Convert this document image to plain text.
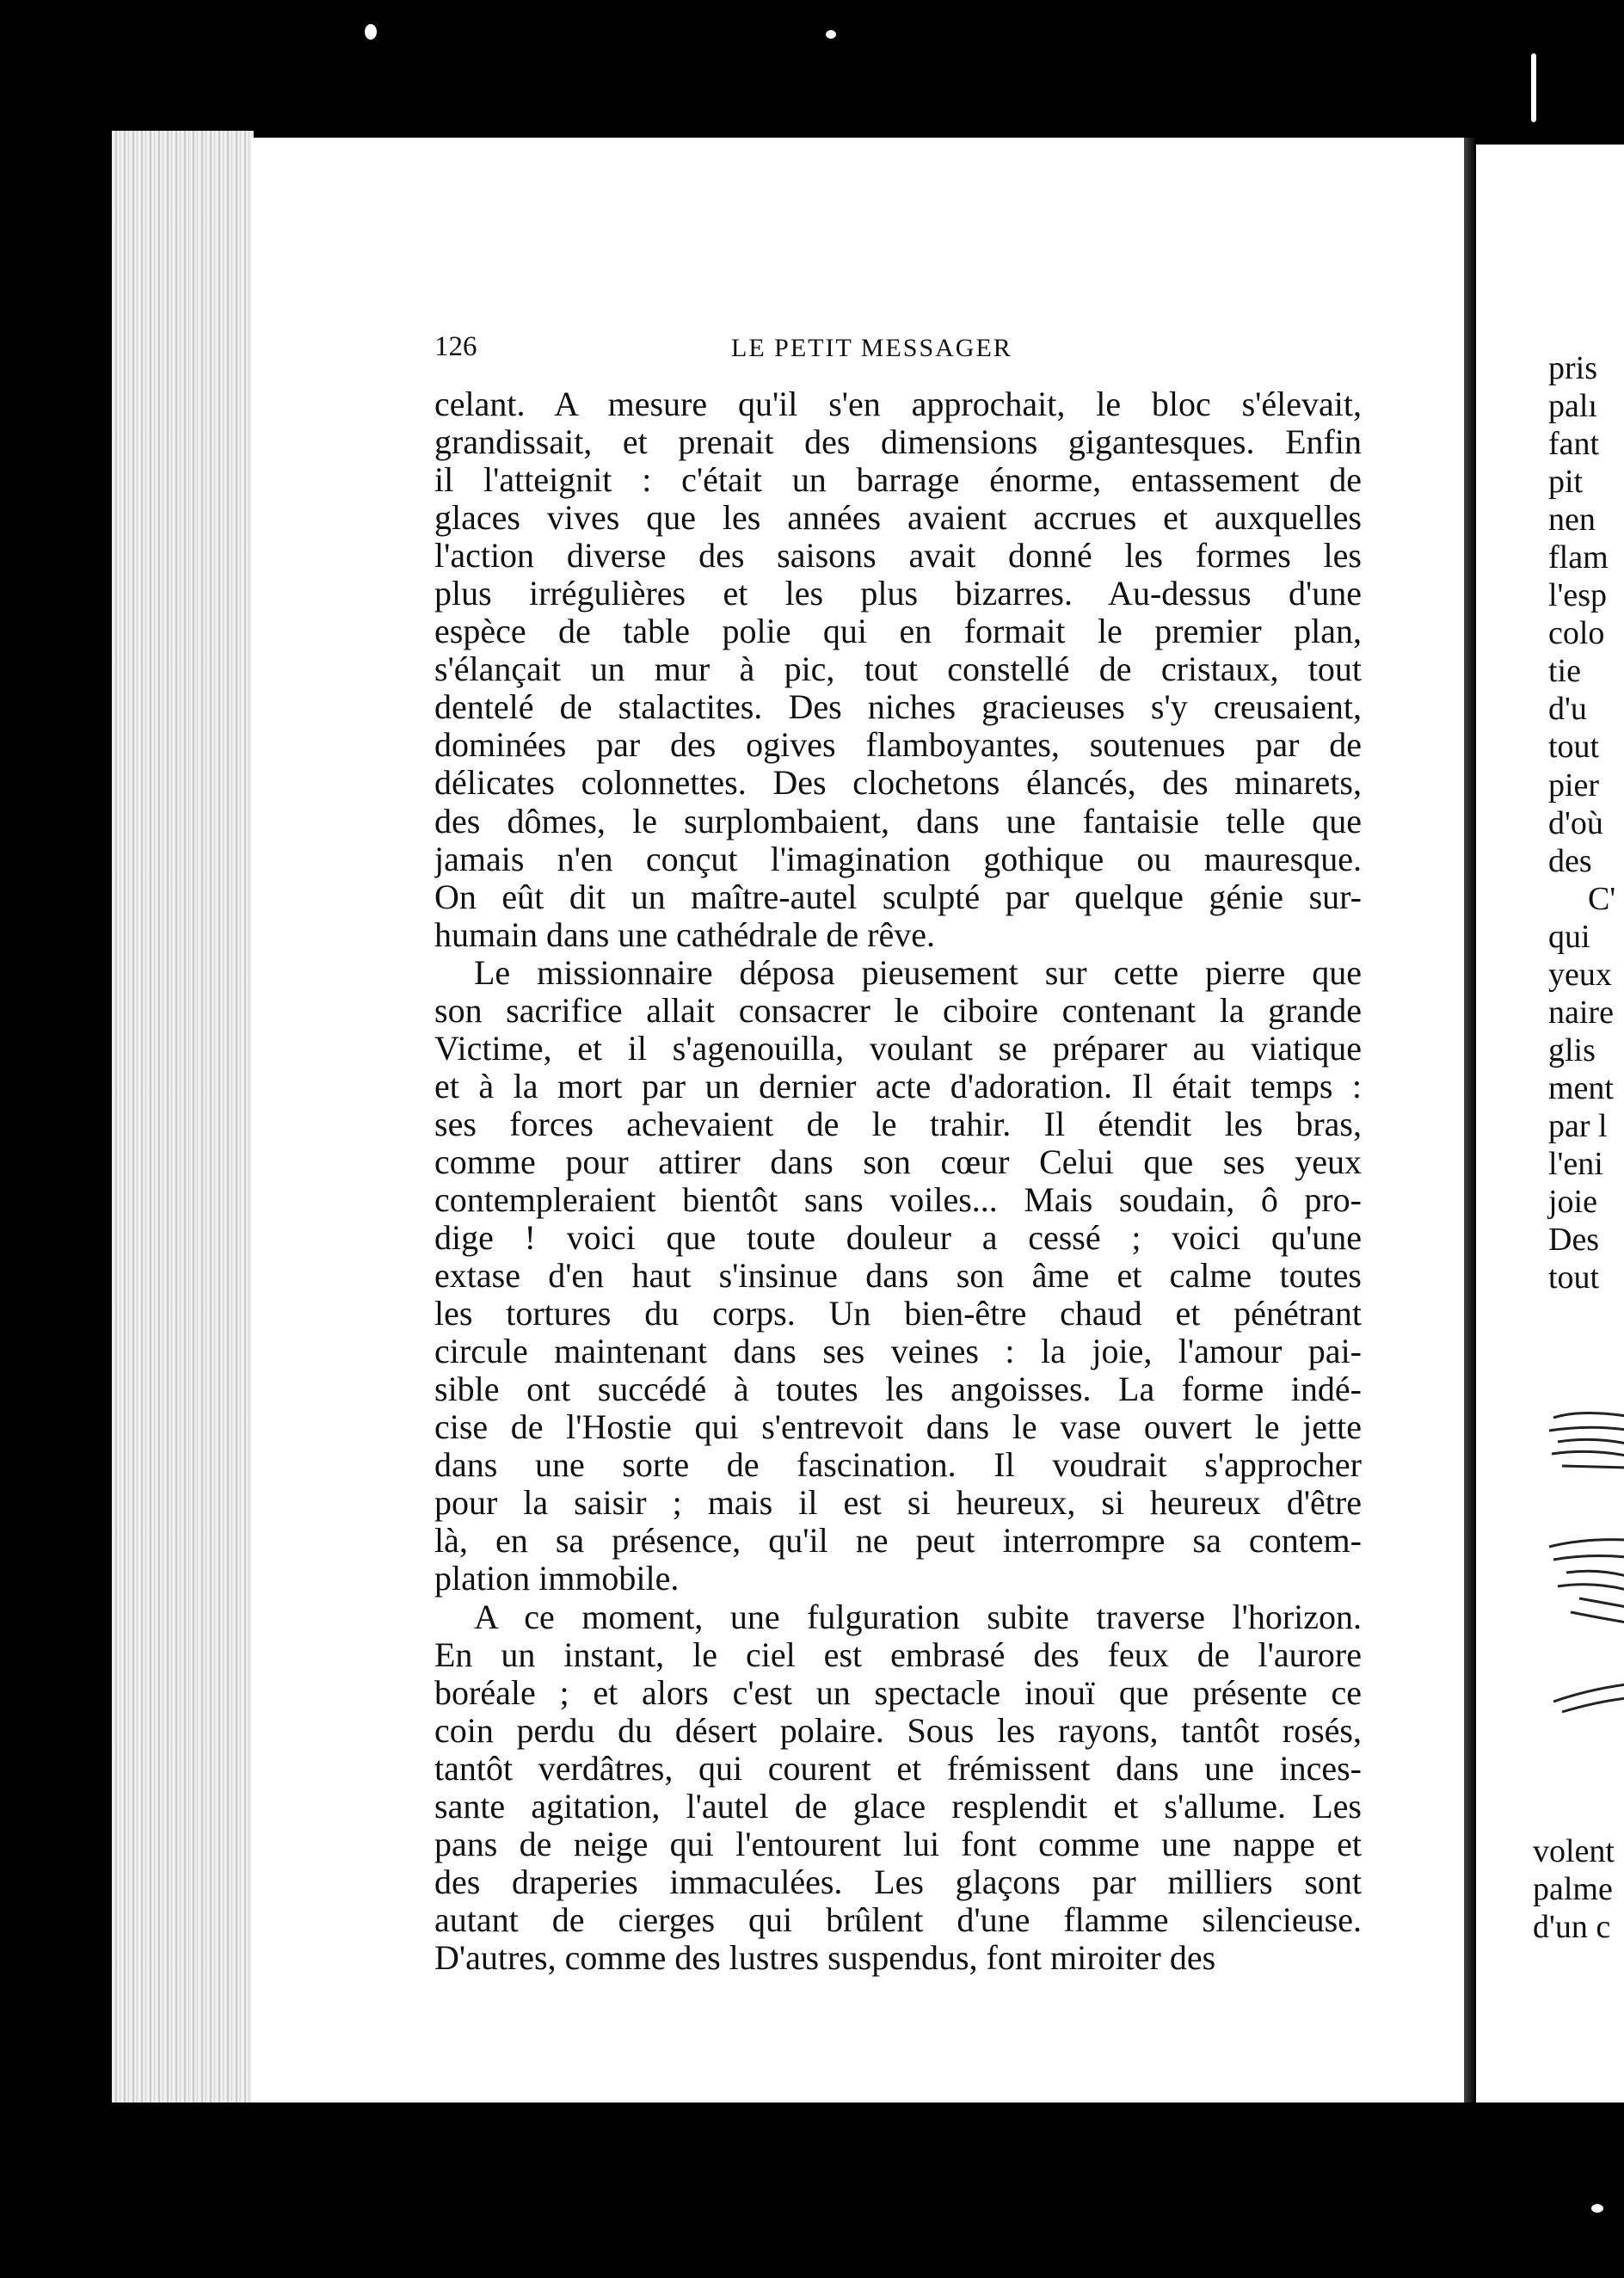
pris
palı
fant
pit
nen
flam
l'esp
colo
tie
d'u
tout
pier
d'où
des
C'
qui
yeux
naire
glis
ment
par l
l'eni
joie
Des
tout
volent
palme
d'un c
126	LE PETIT MESSAGER
celant. A mesure qu'il s'en approchait, le bloc s'élevait,
grandissait, et prenait des dimensions gigantesques. Enfin
il l'atteignit : c'était un barrage énorme, entassement de
glaces vives que les années avaient accrues et auxquelles
l'action diverse des saisons avait donné les formes les
plus irrégulières et les plus bizarres. Au-dessus d'une
espèce de table polie qui en formait le premier plan,
s'élançait un mur à pic, tout constellé de cristaux, tout
dentelé de stalactites. Des niches gracieuses s'y creusaient,
dominées par des ogives flamboyantes, soutenues par de
délicates colonnettes. Des clochetons élancés, des minarets,
des dômes, le surplombaient, dans une fantaisie telle que
jamais n'en conçut l'imagination gothique ou mauresque.
On eût dit un maître-autel sculpté par quelque génie sur-
humain dans une cathédrale de rêve.
Le missionnaire déposa pieusement sur cette pierre que
son sacrifice allait consacrer le ciboire contenant la grande
Victime, et il s'agenouilla, voulant se préparer au viatique
et à la mort par un dernier acte d'adoration. Il était temps :
ses forces achevaient de le trahir. Il étendit les bras,
comme pour attirer dans son cœur Celui que ses yeux
contempleraient bientôt sans voiles... Mais soudain, ô pro-
dige ! voici que toute douleur a cessé ; voici qu'une
extase d'en haut s'insinue dans son âme et calme toutes
les tortures du corps. Un bien-être chaud et pénétrant
circule maintenant dans ses veines : la joie, l'amour pai-
sible ont succédé à toutes les angoisses. La forme indé-
cise de l'Hostie qui s'entrevoit dans le vase ouvert le jette
dans une sorte de fascination. Il voudrait s'approcher
pour la saisir ; mais il est si heureux, si heureux d'être
là, en sa présence, qu'il ne peut interrompre sa contem-
plation immobile.
A ce moment, une fulguration subite traverse l'horizon.
En un instant, le ciel est embrasé des feux de l'aurore
boréale ; et alors c'est un spectacle inouï que présente ce
coin perdu du désert polaire. Sous les rayons, tantôt rosés,
tantôt verdâtres, qui courent et frémissent dans une inces-
sante agitation, l'autel de glace resplendit et s'allume. Les
pans de neige qui l'entourent lui font comme une nappe et
des draperies immaculées. Les glaçons par milliers sont
autant de cierges qui brûlent d'une flamme silencieuse.
D'autres, comme des lustres suspendus, font miroiter des
